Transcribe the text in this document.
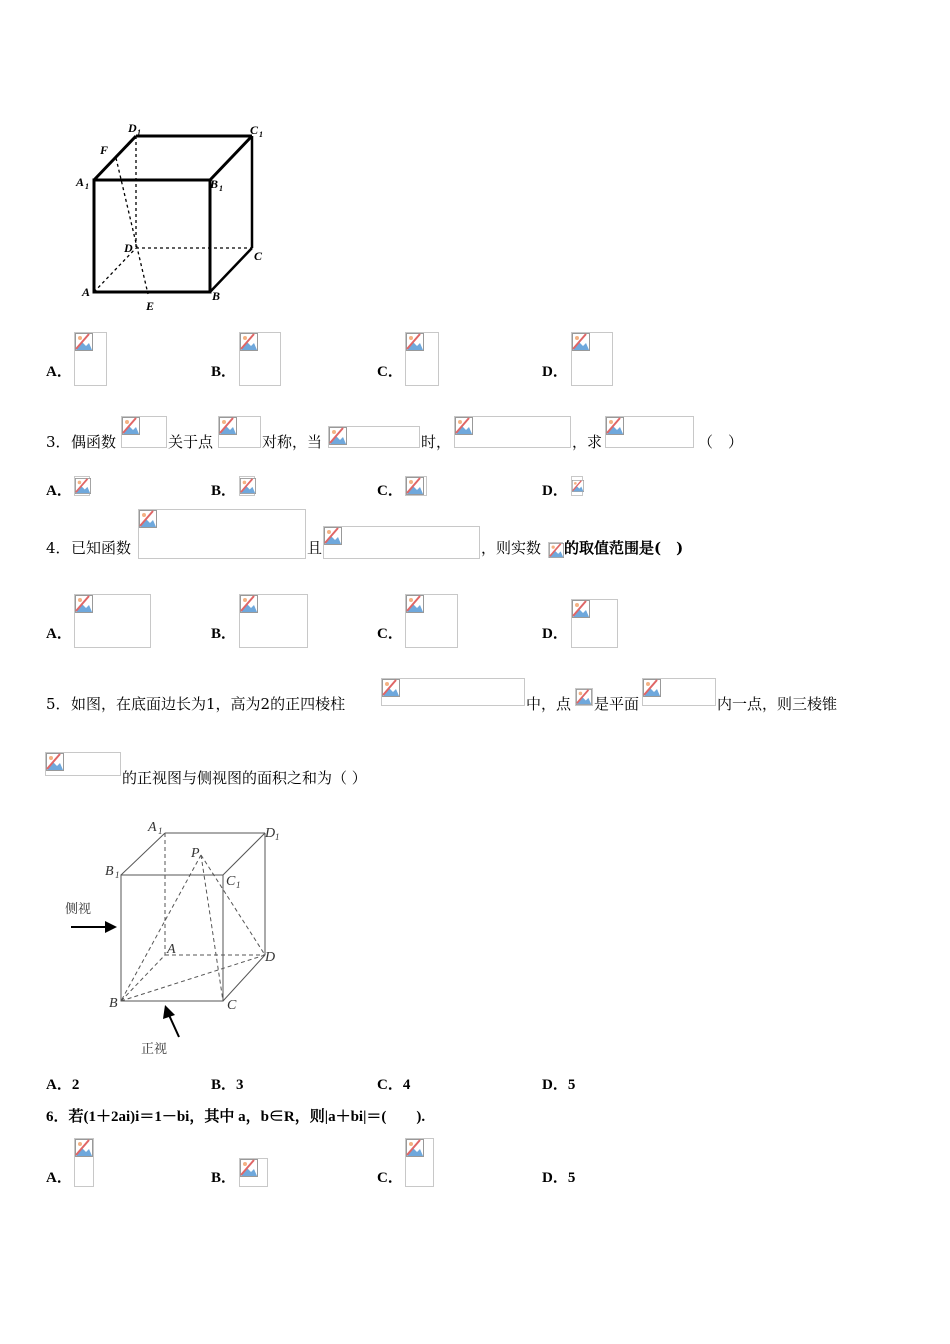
D 1	C 1
F
A 1	B 1
D
C
A
E
B
A．	B．	C．	D．
3． 偶函数	关于点	对称，当	时，	，求	（　）
A．	B．	C．	D．
4． 已知函数	且	，则实数 的取值范围是(　)
A．	B．	C．	D．
5． 如图，在底面边长为1，高为2的正四棱柱	中，点 是平面	内一点，则三棱锥
的正视图与侧视图的面积之和为（ ）
A 1	D 1
B 1
P
C 1
A
D
B	C
侧视
正视
A．2	B．3	C．4	D．5
6．若(1＋2ai)i＝1－bi，其中 a，b∈R，则|a＋bi|＝(　　).
A．	B．	C．	D．5
